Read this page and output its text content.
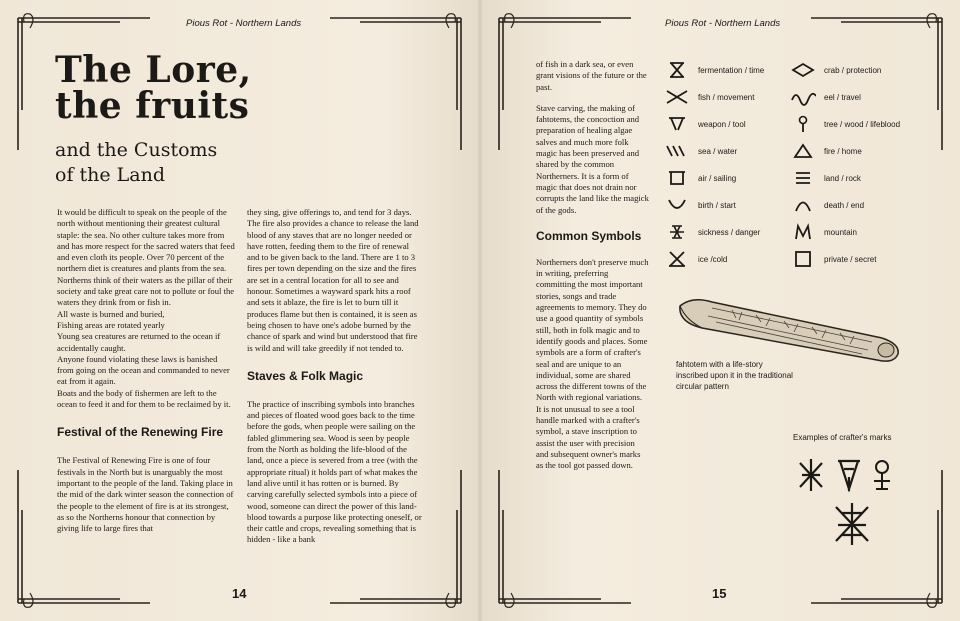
Pious Rot - Northern Lands	Pious Rot - Northern Lands
14	15
The Lore,
the fruits
and the Customs
of the Land

It would be difficult to speak on the people of the north without mentioning their greatest cultural staple: the sea. No other culture takes more from and has more respect for the sacred waters that feed and even cloth its people. Over 70 percent of the northern diet is creatures and plants from the sea.

Northerns think of their waters as the pillar of their society and take great care not to pollute or foul the waters they drink from or fish in.

All waste is burned and buried,

Fishing areas are rotated yearly

Young sea creatures are returned to the ocean if accidentally caught.

Anyone found violating these laws is banished from going on the ocean and commanded to never eat from it again.

Boats and the body of fishermen are left to the ocean to feed it and for them to be reclaimed by it.

Festival of the Renewing Fire

The Festival of Renewing Fire is one of four festivals in the North but is unarguably the most important to the people of the land. Taking place in the mid of the dark winter season the connection of the people to the element of fire is at its strongest, as so the Northerns honour that connection by giving life to large fires that

they sing, give offerings to, and tend for 3 days. The fire also provides a chance to release the land blood of any staves that are no longer needed or have rotten, feeding them to the fire of renewal and to be given back to the land. There are 1 to 3 fires per town depending on the size and the fires are set in a central location for all to see and honour. Sometimes a wayward spark hits a roof and sets it ablaze, the fire is let to burn till it produces flame but then is contained, it is seen as being chosen to have one's adobe burned by the chance of spark and wind but understood that fire is wild and will take greedily if not tended to.

Staves & Folk Magic

The practice of inscribing symbols into branches and pieces of floated wood goes back to the time before the gods, when people were sailing on the fabled glimmering sea. Wood is seen by people from the North as holding the life-blood of the land, once a piece is severed from a tree (with the appropriate ritual) it holds part of what makes the land alive until it has rotten or is burned. By carving carefully selected symbols into a piece of wood, someone can direct the power of this land-blood towards a purpose like protecting oneself, or their cattle and crops, revealing something that is hidden - like a bank

of fish in a dark sea, or even grant visions of the future or the past.

Stave carving, the making of fahtotems, the concoction and preparation of healing algae salves and much more folk magic has been preserved and shared by the common Northerners. It is a form of magic that does not drain nor corrupts the land like the magick of the gods.

Common Symbols

Northerners don't preserve much in writing, preferring committing the most important stories, songs and trade agreements to memory. They do use a good quantity of symbols still, both in folk magic and to identify goods and places. Some symbols are a form of crafter's seal and are unique to an individual, some are shared across the different towns of the North with regional variations. It is not unusual to see a tool handle marked with a crafter's symbol, a stave inscription to assist the user with precision and subsequent owner's marks as the tool got passed down.

fermentation / time
fish / movement
weapon / tool
sea / water
air / sailing
birth / start
sickness / danger
ice /cold
crab / protection
eel / travel
tree / wood / lifeblood
fire / home
land / rock
death / end
mountain
private / secret
fahtotem with a life-story inscribed upon it in the traditional circular pattern
Examples of crafter's marks
